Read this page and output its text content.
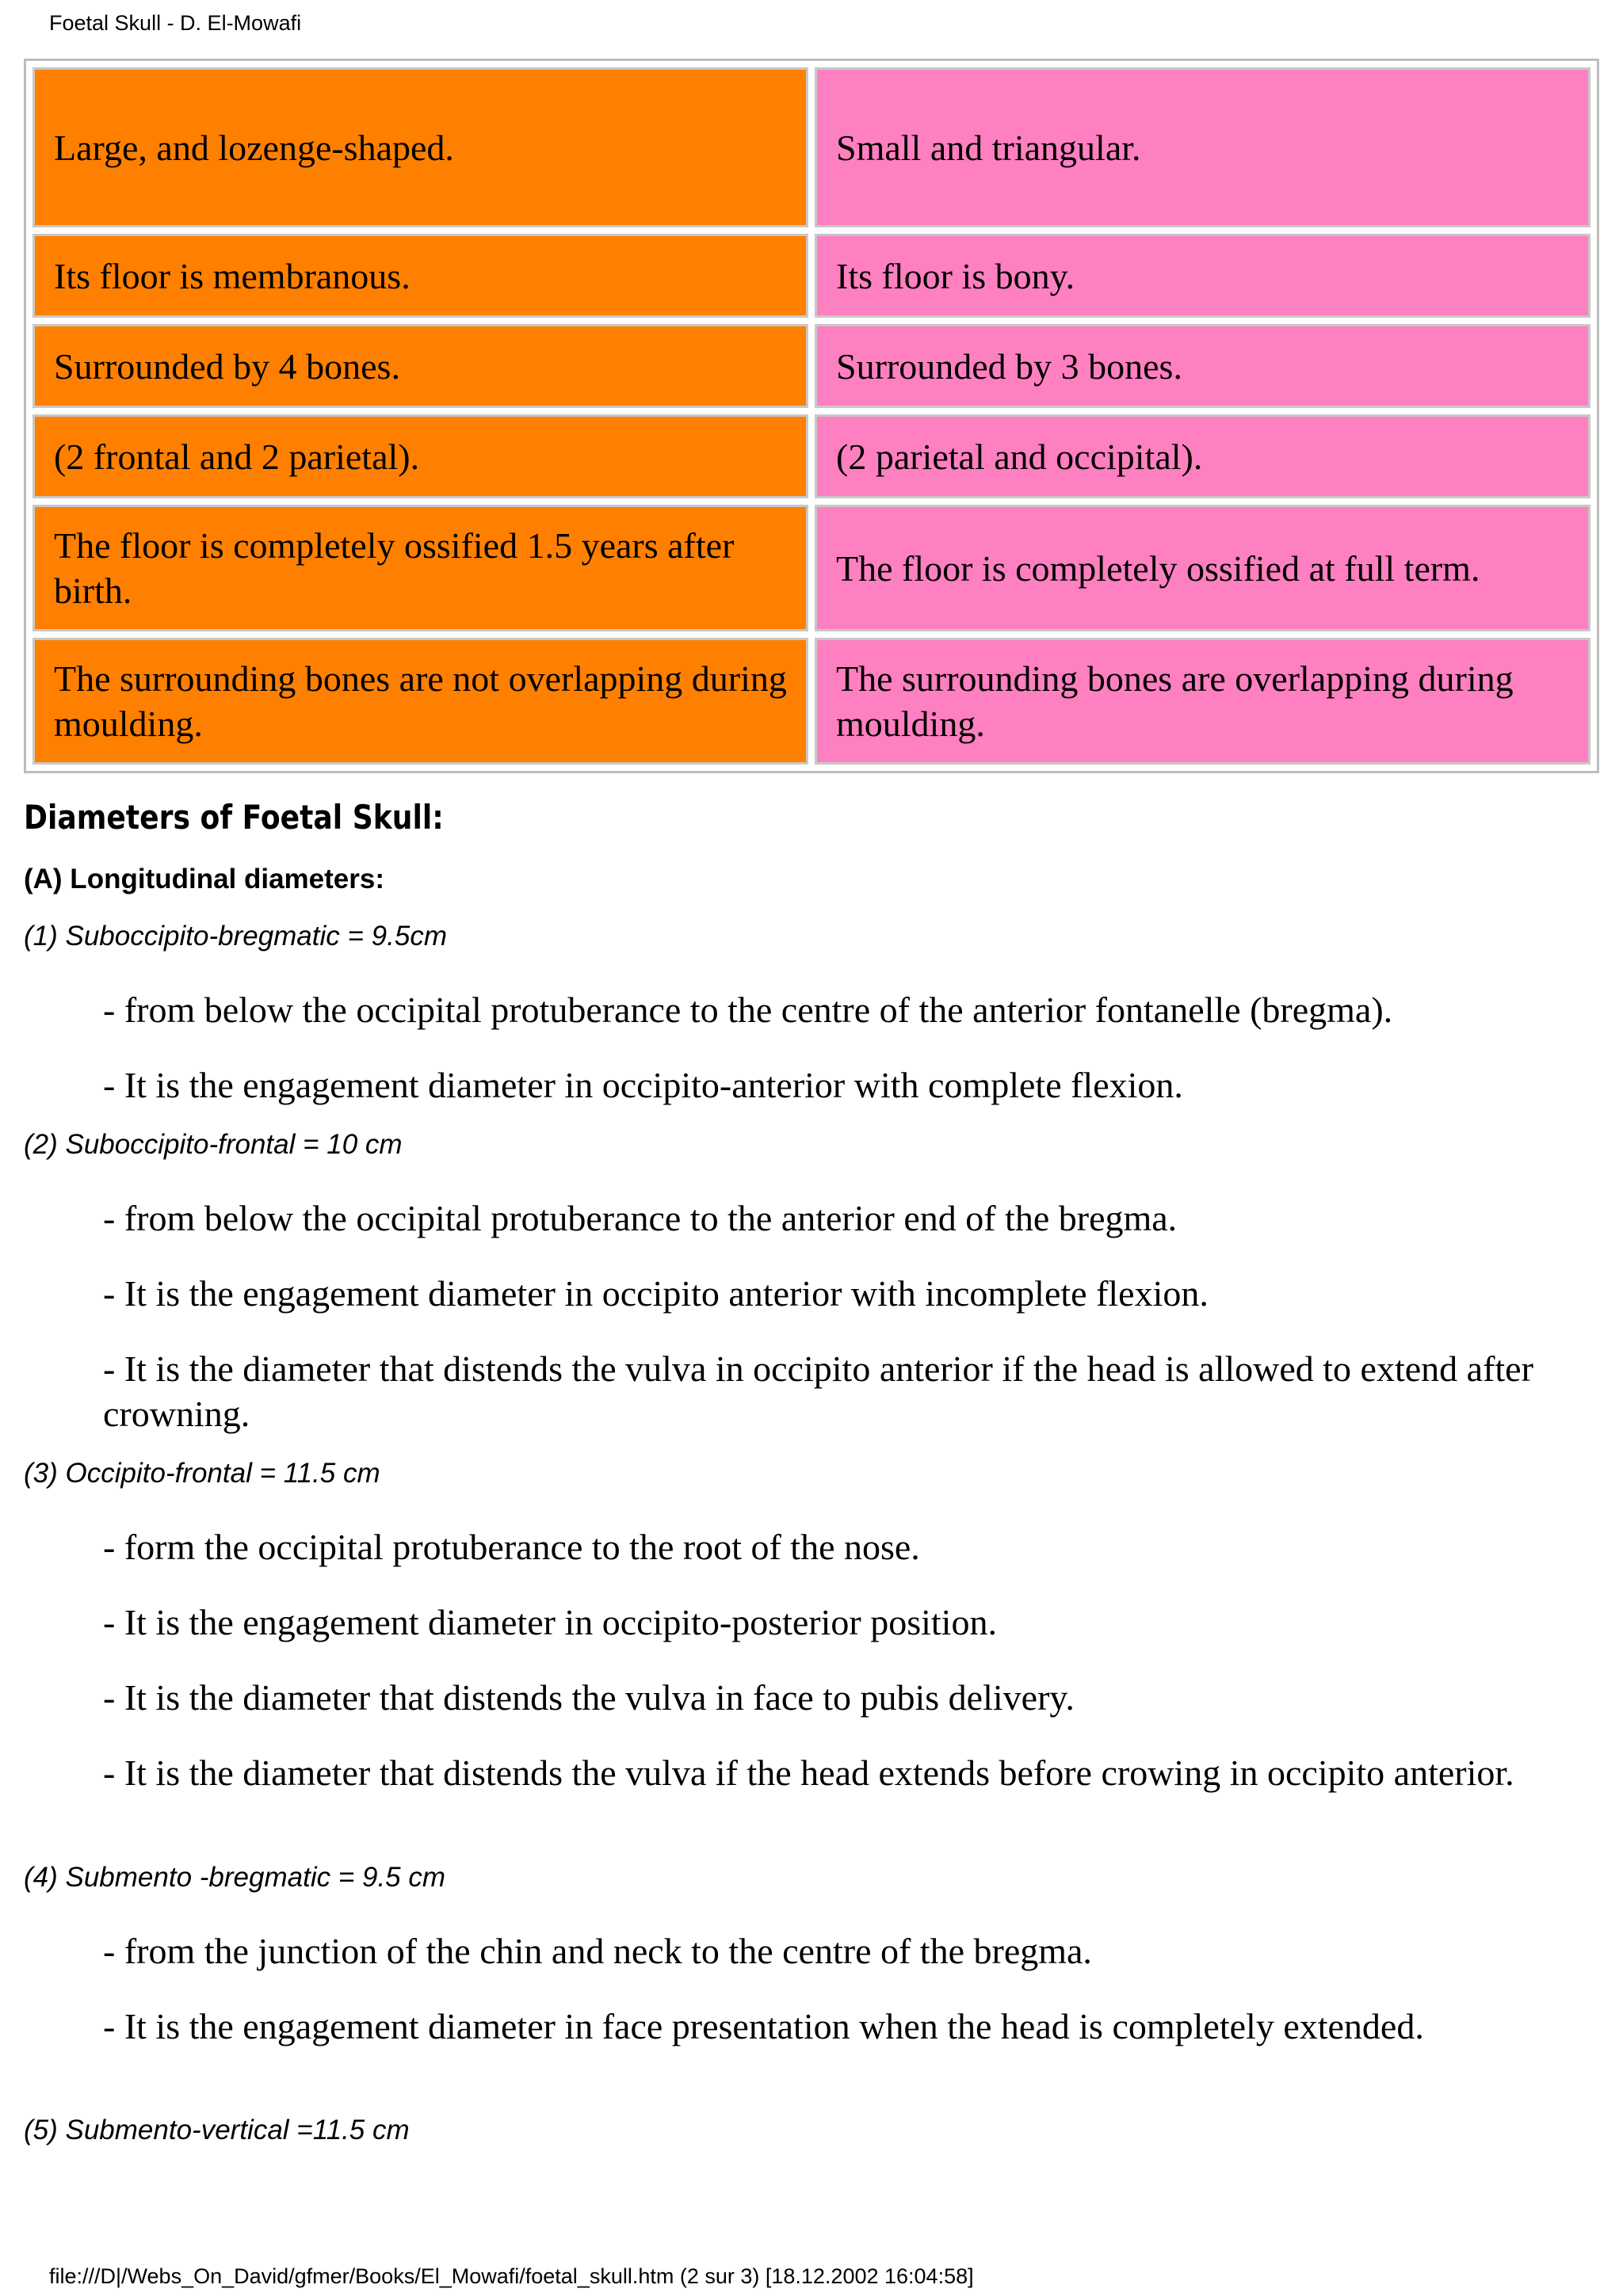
Foetal Skull - D. El-Mowafi
Large, and lozenge-shaped.	Small and triangular.
Its floor is membranous.	Its floor is bony.
Surrounded by 4 bones.	Surrounded by 3 bones.
(2 frontal and 2 parietal).	(2 parietal and occipital).
The floor is completely ossified 1.5 years after birth.	The floor is completely ossified at full term.
The surrounding bones are not overlapping during moulding.	The surrounding bones are overlapping during moulding.
Diameters of Foetal Skull:
(A) Longitudinal diameters:
(1) Suboccipito-bregmatic = 9.5cm
- from below the occipital protuberance to the centre of the anterior fontanelle (bregma).
- It is the engagement diameter in occipito-anterior with complete flexion.
(2) Suboccipito-frontal = 10 cm
- from below the occipital protuberance to the anterior end of the bregma.
- It is the engagement diameter in occipito anterior with incomplete flexion.
- It is the diameter that distends the vulva in occipito anterior if the head is allowed to extend after crowning.
(3) Occipito-frontal = 11.5 cm
- form the occipital protuberance to the root of the nose.
- It is the engagement diameter in occipito-posterior position.
- It is the diameter that distends the vulva in face to pubis delivery.
- It is the diameter that distends the vulva if the head extends before crowing in occipito anterior.
(4) Submento -bregmatic = 9.5 cm
- from the junction of the chin and neck to the centre of the bregma.
- It is the engagement diameter in face presentation when the head is completely extended.
(5) Submento-vertical =11.5 cm
file:///D|/Webs_On_David/gfmer/Books/El_Mowafi/foetal_skull.htm (2 sur 3) [18.12.2002 16:04:58]
